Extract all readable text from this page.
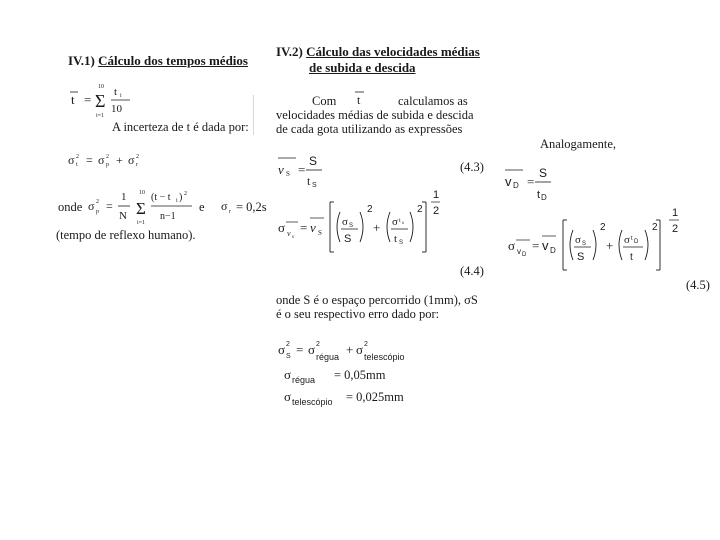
IV.1) Cálculo dos tempos médios
t =
10
Σ
i=1
t i
10
A incerteza de t é dada por:
σ t
2 = σ p
2 + σ r
2
onde σ p
2 =
1
N
10
Σ
i=1
(t − t i ) 2
n−1
e σ r = 0,2s
(tempo de reflexo humano).
IV.2) Cálculo das velocidades médias
de subida e descida
Com t	calculamos as
velocidades médias de subida e descida
de cada gota utilizando as expressões
v S =
S
t S
(4.3)
σ v s
= v S
σ S
S
2
+ σ t s
t S
2
1
2
(4.4)
onde S é o espaço percorrido (1mm), σS
é o seu respectivo erro dado por:
σ S
2 = σ 2
régua + σ 2
telescópio
σ régua = 0,05mm
σ telescópio = 0,025mm
Analogamente,
v D =
S
t D
σ v D
= v D
σ S
S
2
+ σ t D
t
2
1
2
(4.5)
